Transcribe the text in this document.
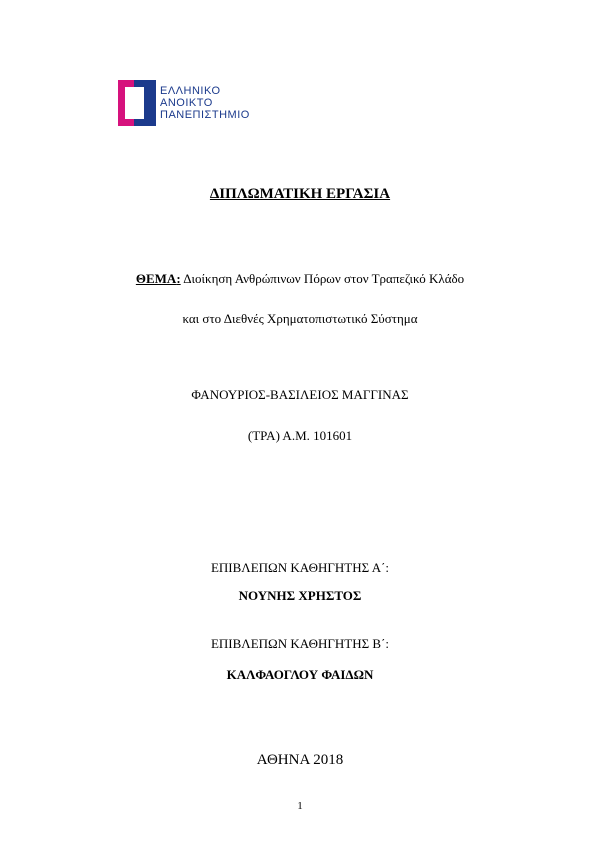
ΕΛΛΗΝΙΚΟ
ΑΝΟΙΚΤΟ
ΠΑΝΕΠΙΣΤΗΜΙΟ
ΔΙΠΛΩΜΑΤΙΚΗ ΕΡΓΑΣΙΑ
ΘΕΜΑ: Διοίκηση Ανθρώπινων Πόρων στον Τραπεζικό Κλάδο
και στο Διεθνές Χρηματοπιστωτικό Σύστημα
ΦΑΝΟΥΡΙΟΣ-ΒΑΣΙΛΕΙΟΣ ΜΑΓΓΙΝΑΣ
(ΤΡΑ) Α.Μ. 101601
ΕΠΙΒΛΕΠΩΝ ΚΑΘΗΓΗΤΗΣ Α΄:
ΝΟΥΝΗΣ ΧΡΗΣΤΟΣ
ΕΠΙΒΛΕΠΩΝ ΚΑΘΗΓΗΤΗΣ Β΄:
ΚΑΛΦΑΟΓΛΟΥ ΦΑΙΔΩΝ
ΑΘΗΝΑ 2018
1
